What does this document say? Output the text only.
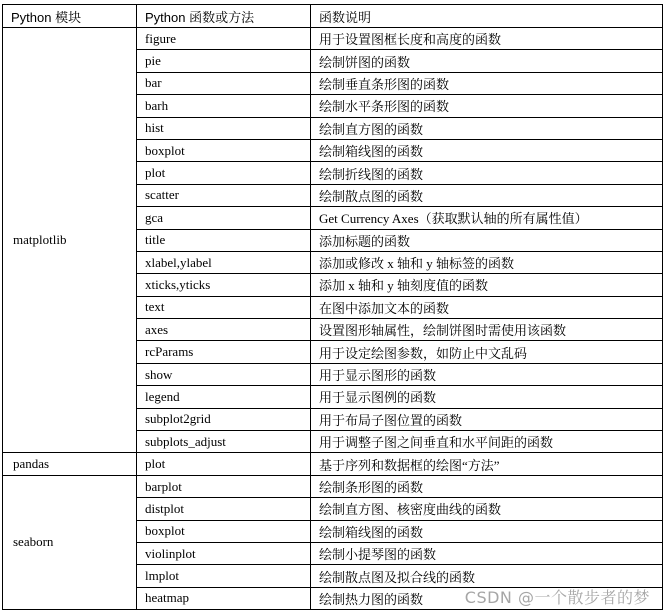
Python 模块	Python 函数或方法	函数说明
matplotlib	figure	用于设置图框长度和高度的函数
	pie	绘制饼图的函数
	bar	绘制垂直条形图的函数
	barh	绘制水平条形图的函数
	hist	绘制直方图的函数
	boxplot	绘制箱线图的函数
	plot	绘制折线图的函数
	scatter	绘制散点图的函数
	gca	Get Currency Axes（获取默认轴的所有属性值）
	title	添加标题的函数
	xlabel,ylabel	添加或修改 x 轴和 y 轴标签的函数
	xticks,yticks	添加 x 轴和 y 轴刻度值的函数
	text	在图中添加文本的函数
	axes	设置图形轴属性，绘制饼图时需使用该函数
	rcParams	用于设定绘图参数，如防止中文乱码
	show	用于显示图形的函数
	legend	用于显示图例的函数
	subplot2grid	用于布局子图位置的函数
	subplots_adjust	用于调整子图之间垂直和水平间距的函数
pandas	plot	基于序列和数据框的绘图“方法”
seaborn	barplot	绘制条形图的函数
	distplot	绘制直方图、核密度曲线的函数
	boxplot	绘制箱线图的函数
	violinplot	绘制小提琴图的函数
	lmplot	绘制散点图及拟合线的函数
	heatmap	绘制热力图的函数	CSDN @一个散步者的梦
